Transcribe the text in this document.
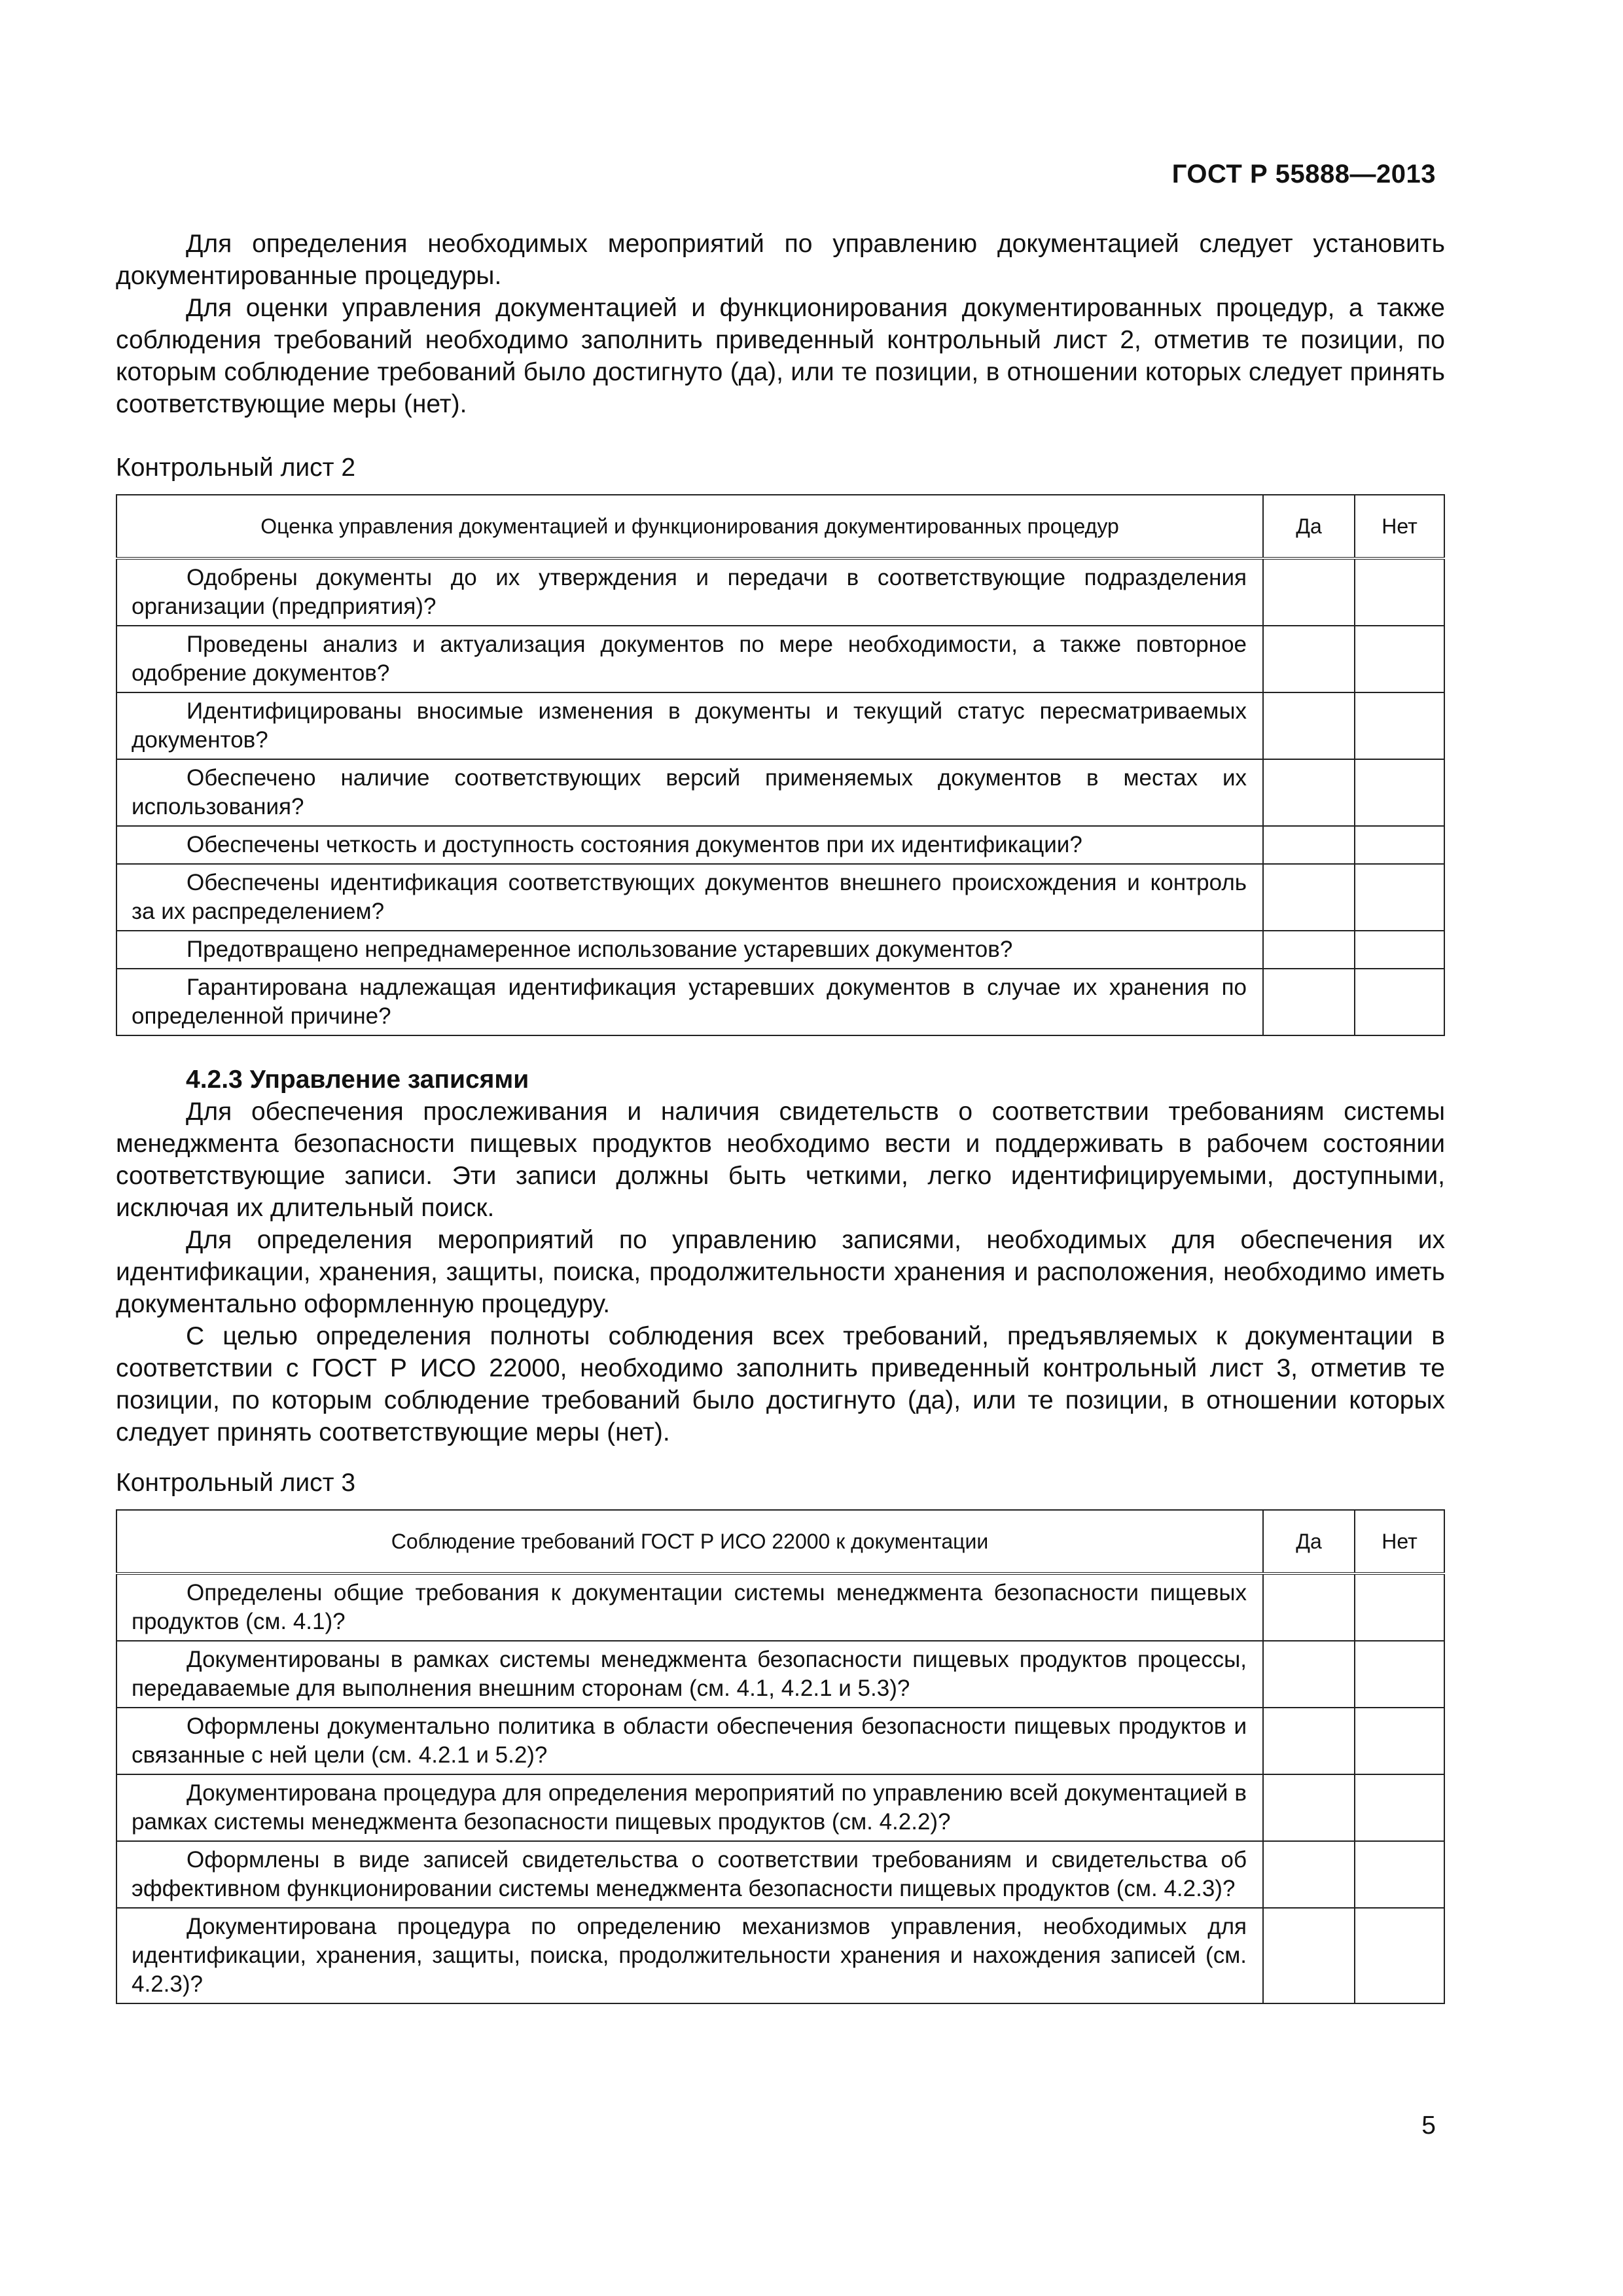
ГОСТ Р 55888—2013

Для определения необходимых мероприятий по управлению документацией следует установить документированные процедуры.

Для оценки управления документацией и функционирования документированных процедур, а также соблюдения требований необходимо заполнить приведенный контрольный лист 2, отметив те позиции, по которым соблюдение требований было достигнуто (да), или те позиции, в отношении которых следует принять соответствующие меры (нет).

Контрольный лист 2

Оценка управления документацией и функционирования документированных процедур	Да	Нет
Одобрены документы до их утверждения и передачи в соответствующие подразделения организации (предприятия)?		
Проведены анализ и актуализация документов по мере необходимости, а также повторное одобрение документов?		
Идентифицированы вносимые изменения в документы и текущий статус пересматриваемых документов?		
Обеспечено наличие соответствующих версий применяемых документов в местах их использования?		
Обеспечены четкость и доступность состояния документов при их идентификации?		
Обеспечены идентификация соответствующих документов внешнего происхождения и контроль за их распределением?		
Предотвращено непреднамеренное использование устаревших документов?		
Гарантирована надлежащая идентификация устаревших документов в случае их хранения по определенной причине?		

4.2.3 Управление записями

Для обеспечения прослеживания и наличия свидетельств о соответствии требованиям системы менеджмента безопасности пищевых продуктов необходимо вести и поддерживать в рабочем состоянии соответствующие записи. Эти записи должны быть четкими, легко идентифицируемыми, доступными, исключая их длительный поиск.

Для определения мероприятий по управлению записями, необходимых для обеспечения их идентификации, хранения, защиты, поиска, продолжительности хранения и расположения, необходимо иметь документально оформленную процедуру.

С целью определения полноты соблюдения всех требований, предъявляемых к документации в соответствии с ГОСТ Р ИСО 22000, необходимо заполнить приведенный контрольный лист 3, отметив те позиции, по которым соблюдение требований было достигнуто (да), или те позиции, в отношении которых следует принять соответствующие меры (нет).

Контрольный лист 3

Соблюдение требований ГОСТ Р ИСО 22000 к документации	Да	Нет
Определены общие требования к документации системы менеджмента безопасности пищевых продуктов (см. 4.1)?		
Документированы в рамках системы менеджмента безопасности пищевых продуктов процессы, передаваемые для выполнения внешним сторонам (см. 4.1, 4.2.1 и 5.3)?		
Оформлены документально политика в области обеспечения безопасности пищевых продуктов и связанные с ней цели (см. 4.2.1 и 5.2)?		
Документирована процедура для определения мероприятий по управлению всей документацией в рамках системы менеджмента безопасности пищевых продуктов (см. 4.2.2)?		
Оформлены в виде записей свидетельства о соответствии требованиям и свидетельства об эффективном функционировании системы менеджмента безопасности пищевых продуктов (см. 4.2.3)?		
Документирована процедура по определению механизмов управления, необходимых для идентификации, хранения, защиты, поиска, продолжительности хранения и нахождения записей (см. 4.2.3)?		
5
